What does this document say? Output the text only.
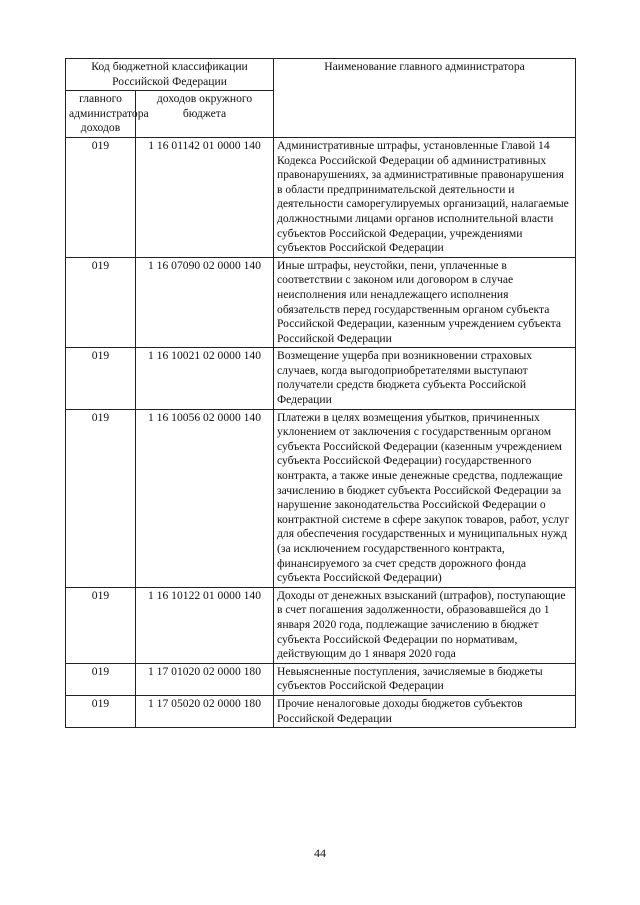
Код бюджетной классификации Российской Федерации		Наименование главного администратора
главного администратора доходов	доходов окружного бюджета	
019	1 16 01142 01 0000 140	Административные штрафы, установленные Главой 14 Кодекса Российской Федерации об административных правонарушениях, за административные правонарушения в области предпринимательской деятельности и деятельности саморегулируемых организаций, налагаемые должностными лицами органов исполнительной власти субъектов Российской Федерации, учреждениями субъектов Российской Федерации
019	1 16 07090 02 0000 140	Иные штрафы, неустойки, пени, уплаченные в соответствии с законом или договором в случае неисполнения или ненадлежащего исполнения обязательств перед государственным органом субъекта Российской Федерации, казенным учреждением субъекта Российской Федерации
019	1 16 10021 02 0000 140	Возмещение ущерба при возникновении страховых случаев, когда выгодоприобретателями выступают получатели средств бюджета субъекта Российской Федерации
019	1 16 10056 02 0000 140	Платежи в целях возмещения убытков, причиненных уклонением от заключения с государственным органом субъекта Российской Федерации (казенным учреждением субъекта Российской Федерации) государственного контракта, а также иные денежные средства, подлежащие зачислению в бюджет субъекта Российской Федерации за нарушение законодательства Российской Федерации о контрактной системе в сфере закупок товаров, работ, услуг для обеспечения государственных и муниципальных нужд (за исключением государственного контракта, финансируемого за счет средств дорожного фонда субъекта Российской Федерации)
019	1 16 10122 01 0000 140	Доходы от денежных взысканий (штрафов), поступающие в счет погашения задолженности, образовавшейся до 1 января 2020 года, подлежащие зачислению в бюджет субъекта Российской Федерации по нормативам, действующим до 1 января 2020 года
019	1 17 01020 02 0000 180	Невыясненные поступления, зачисляемые в бюджеты субъектов Российской Федерации
019	1 17 05020 02 0000 180	Прочие неналоговые доходы бюджетов субъектов Российской Федерации
44
